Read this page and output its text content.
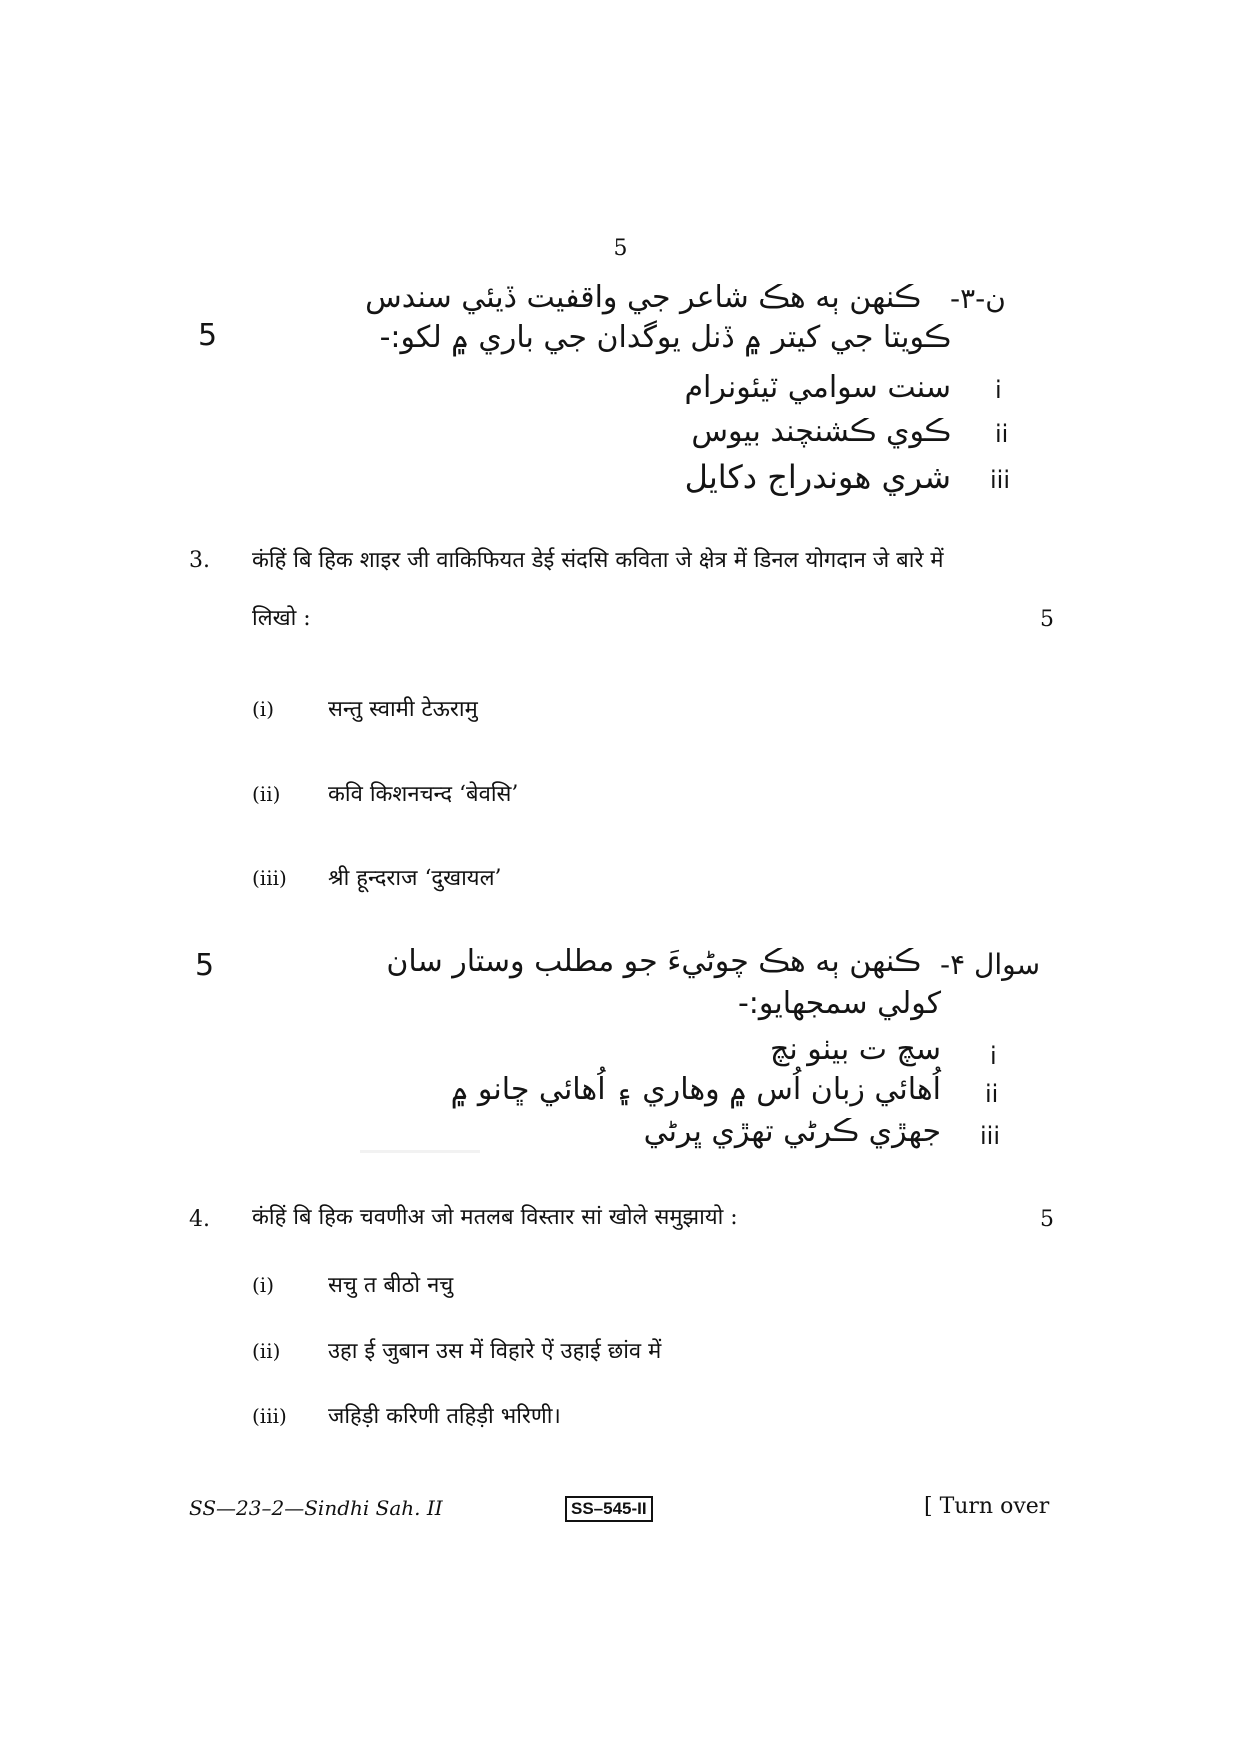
5
ن-٣-
ڪنهن ٻه هڪ شاعر جي واقفيت ڏيئي سندس
ڪويتا جي کيتر ۾ ڏنل يوگدان جي باري ۾ لکو:-
5
i
سنت سوامي ٽيئونرام
ii
ڪوي ڪشنچند بيوس
iii
شري هوندراج دکايل
3. कंहिं बि हिक शाइर जी वाकिफियत डेई संदसि कविता जे क्षेत्र में डिनल योगदान जे बारे में
लिखो :	5
(i) सन्तु स्वामी टेऊरामु
(ii) कवि किशनचन्द ‘बेवसि’
(iii) श्री हून्दराज ‘दुखायल’
سوال ۴-
ڪنهن ٻه هڪ چوڻيءَ جو مطلب وستار سان
کولي سمجهايو:-
5
i
سچ ت بيٺو نچ
ii
اُهائي زبان اُس ۾ وهاري ۽ اُهائي ڇانو ۾
iii
جهڙي ڪرڻي تهڙي ڀرڻي
4. कंहिं बि हिक चवणीअ जो मतलब विस्तार सां खोले समुझायो :	5
(i) सचु त बीठो नचु
(ii) उहा ई जुबान उस में विहारे ऐं उहाई छांव में
(iii) जहिड़ी करिणी तहिड़ी भरिणी।
SS—23–2—Sindhi Sah. II	SS–545-II	[ Turn over
